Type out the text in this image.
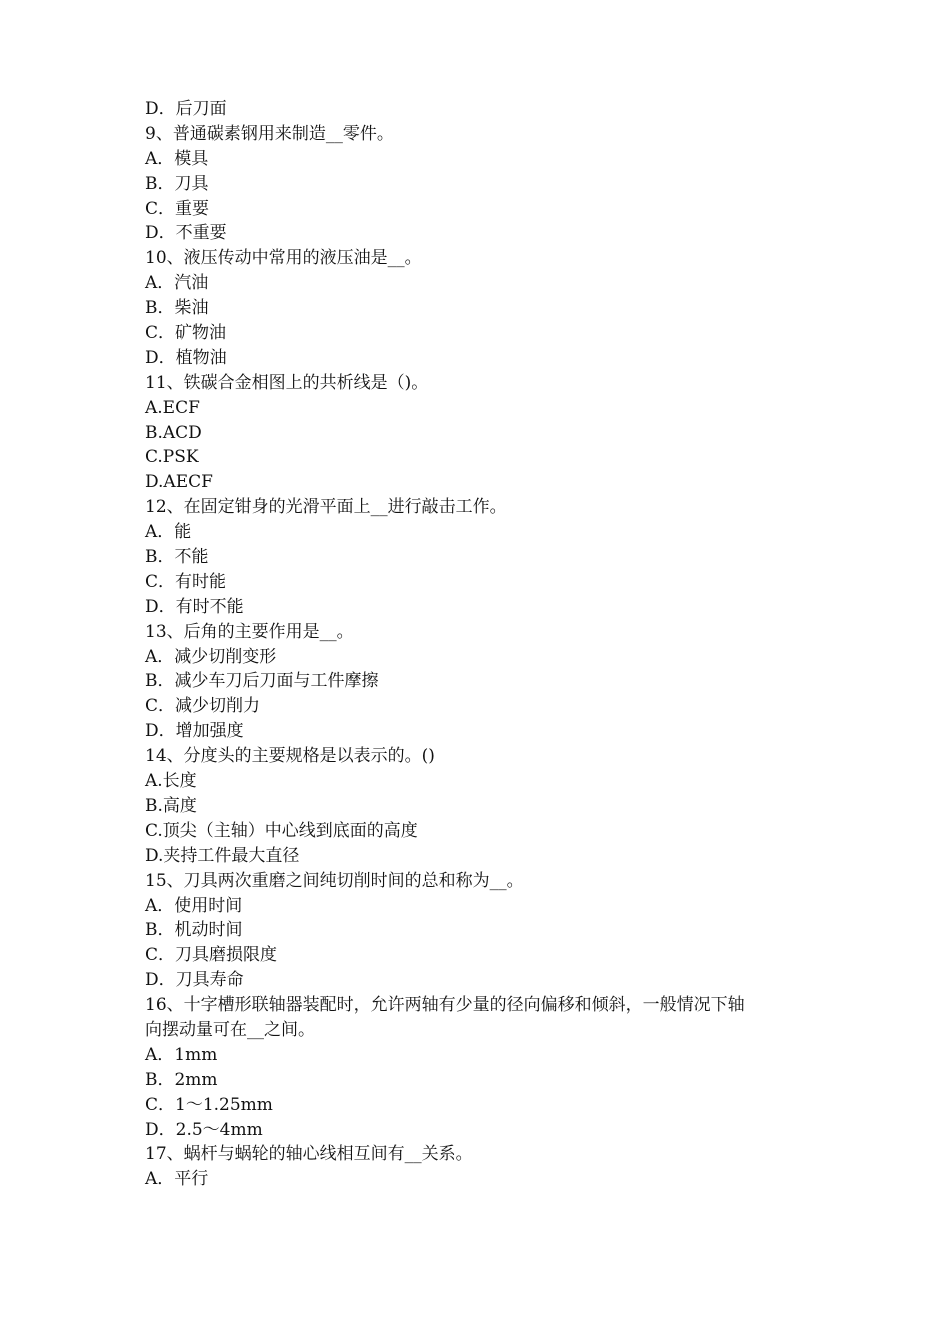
D．后刀面
9、普通碳素钢用来制造__零件。
A．模具
B．刀具
C．重要
D．不重要
10、液压传动中常用的液压油是__。
A．汽油
B．柴油
C．矿物油
D．植物油
11、铁碳合金相图上的共析线是（)。
A.ECF
B.ACD
C.PSK
D.AECF
12、在固定钳身的光滑平面上__进行敲击工作。
A．能
B．不能
C．有时能
D．有时不能
13、后角的主要作用是__。
A．减少切削变形
B．减少车刀后刀面与工件摩擦
C．减少切削力
D．增加强度
14、分度头的主要规格是以表示的。()
A.长度
B.高度
C.顶尖（主轴）中心线到底面的高度
D.夹持工件最大直径
15、刀具两次重磨之间纯切削时间的总和称为__。
A．使用时间
B．机动时间
C．刀具磨损限度
D．刀具寿命
16、十字槽形联轴器装配时，允许两轴有少量的径向偏移和倾斜，一般情况下轴
向摆动量可在__之间。
A．1mm
B．2mm
C．1～1.25mm
D．2.5～4mm
17、蜗杆与蜗轮的轴心线相互间有__关系。
A．平行
